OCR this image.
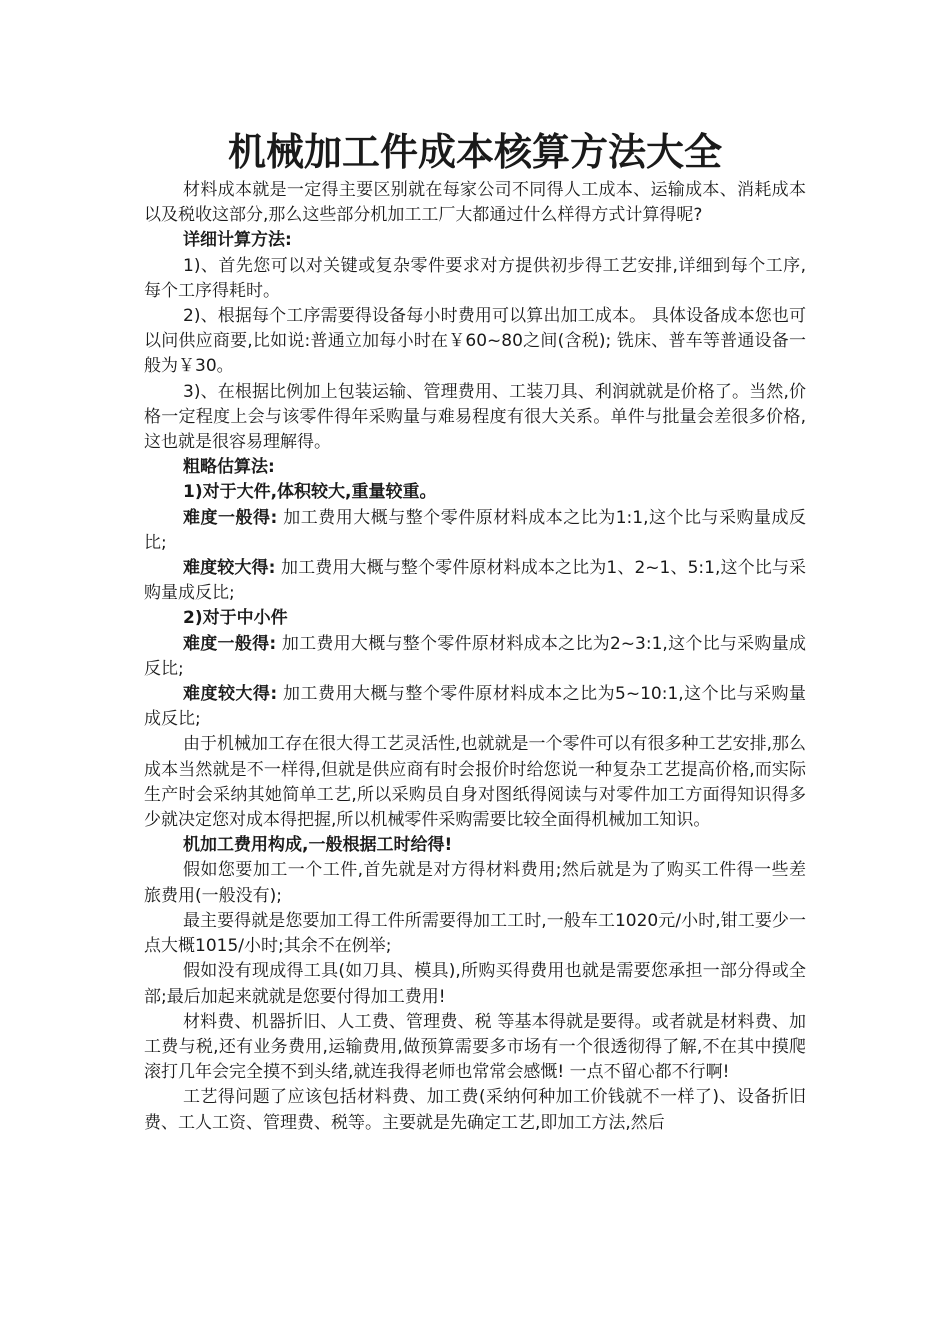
机械加工件成本核算方法大全

材料成本就是一定得主要区别就在每家公司不同得人工成本、运输成本、消耗成本以及税收这部分,那么这些部分机加工工厂大都通过什么样得方式计算得呢?

详细计算方法:

1)、首先您可以对关键或复杂零件要求对方提供初步得工艺安排,详细到每个工序,每个工序得耗时。

2)、根据每个工序需要得设备每小时费用可以算出加工成本。 具体设备成本您也可以问供应商要,比如说:普通立加每小时在￥60~80之间(含税); 铣床、普车等普通设备一般为￥30。

3)、在根据比例加上包装运输、管理费用、工装刀具、利润就就是价格了。当然,价格一定程度上会与该零件得年采购量与难易程度有很大关系。单件与批量会差很多价格,这也就是很容易理解得。

粗略估算法:

1)对于大件,体积较大,重量较重。

难度一般得: 加工费用大概与整个零件原材料成本之比为1:1,这个比与采购量成反比;

难度较大得: 加工费用大概与整个零件原材料成本之比为1、2~1、5:1,这个比与采购量成反比;

2)对于中小件

难度一般得: 加工费用大概与整个零件原材料成本之比为2~3:1,这个比与采购量成反比;

难度较大得: 加工费用大概与整个零件原材料成本之比为5~10:1,这个比与采购量成反比;

由于机械加工存在很大得工艺灵活性,也就就是一个零件可以有很多种工艺安排,那么成本当然就是不一样得,但就是供应商有时会报价时给您说一种复杂工艺提高价格,而实际生产时会采纳其她简单工艺,所以采购员自身对图纸得阅读与对零件加工方面得知识得多少就决定您对成本得把握,所以机械零件采购需要比较全面得机械加工知识。

机加工费用构成,一般根据工时给得!

假如您要加工一个工件,首先就是对方得材料费用;然后就是为了购买工件得一些差旅费用(一般没有);

最主要得就是您要加工得工件所需要得加工工时,一般车工1020元/小时,钳工要少一点大概1015/小时;其余不在例举;

假如没有现成得工具(如刀具、模具),所购买得费用也就是需要您承担一部分得或全部;最后加起来就就是您要付得加工费用!

材料费、机器折旧、人工费、管理费、税 等基本得就是要得。或者就是材料费、加工费与税,还有业务费用,运输费用,做预算需要多市场有一个很透彻得了解,不在其中摸爬滚打几年会完全摸不到头绪,就连我得老师也常常会感慨! 一点不留心都不行啊!

工艺得问题了应该包括材料费、加工费(采纳何种加工价钱就不一样了)、设备折旧费、工人工资、管理费、税等。主要就是先确定工艺,即加工方法,然后
